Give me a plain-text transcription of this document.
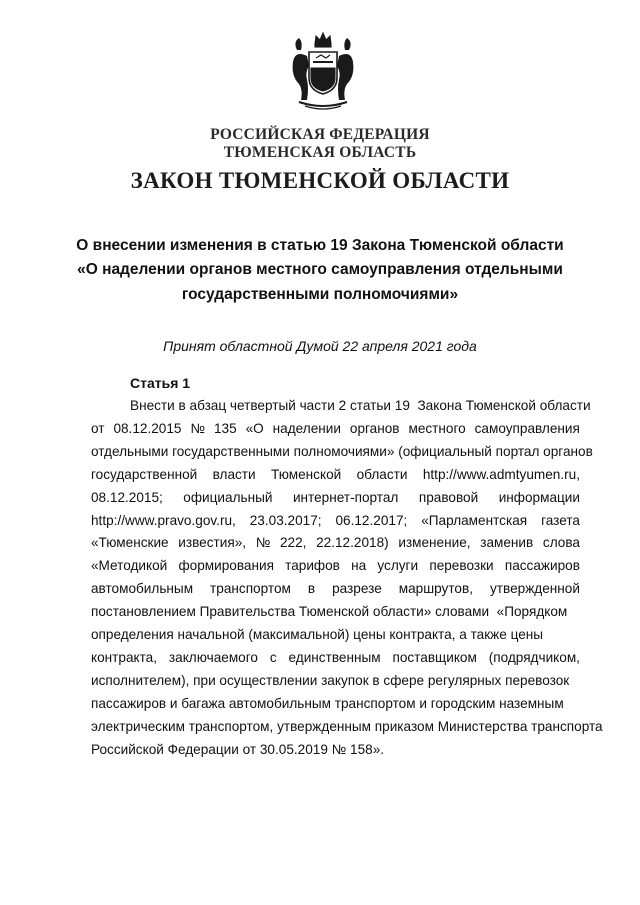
РОССИЙСКАЯ ФЕДЕРАЦИЯ
ТЮМЕНСКАЯ ОБЛАСТЬ
ЗАКОН ТЮМЕНСКОЙ ОБЛАСТИ
О внесении изменения в статью 19 Закона Тюменской области
«О наделении органов местного самоуправления отдельными
государственными полномочиями»
Принят областной Думой 22 апреля 2021 года
Статья 1
Внести в абзац четвертый части 2 статьи 19  Закона Тюменской области
от 08.12.2015 № 135 «О наделении органов местного самоуправления
отдельными государственными полномочиями» (официальный портал органов
государственной власти Тюменской области http://www.admtyumen.ru,
08.12.2015; официальный интернет-портал правовой информации
http://www.pravo.gov.ru, 23.03.2017; 06.12.2017; «Парламентская газета
«Тюменские известия», № 222, 22.12.2018) изменение, заменив слова
«Методикой формирования тарифов на услуги перевозки пассажиров
автомобильным транспортом в разрезе маршрутов, утвержденной
постановлением Правительства Тюменской области» словами  «Порядком
определения начальной (максимальной) цены контракта, а также цены
контракта, заключаемого с единственным поставщиком (подрядчиком,
исполнителем), при осуществлении закупок в сфере регулярных перевозок
пассажиров и багажа автомобильным транспортом и городским наземным
электрическим транспортом, утвержденным приказом Министерства транспорта
Российской Федерации от 30.05.2019 № 158».
